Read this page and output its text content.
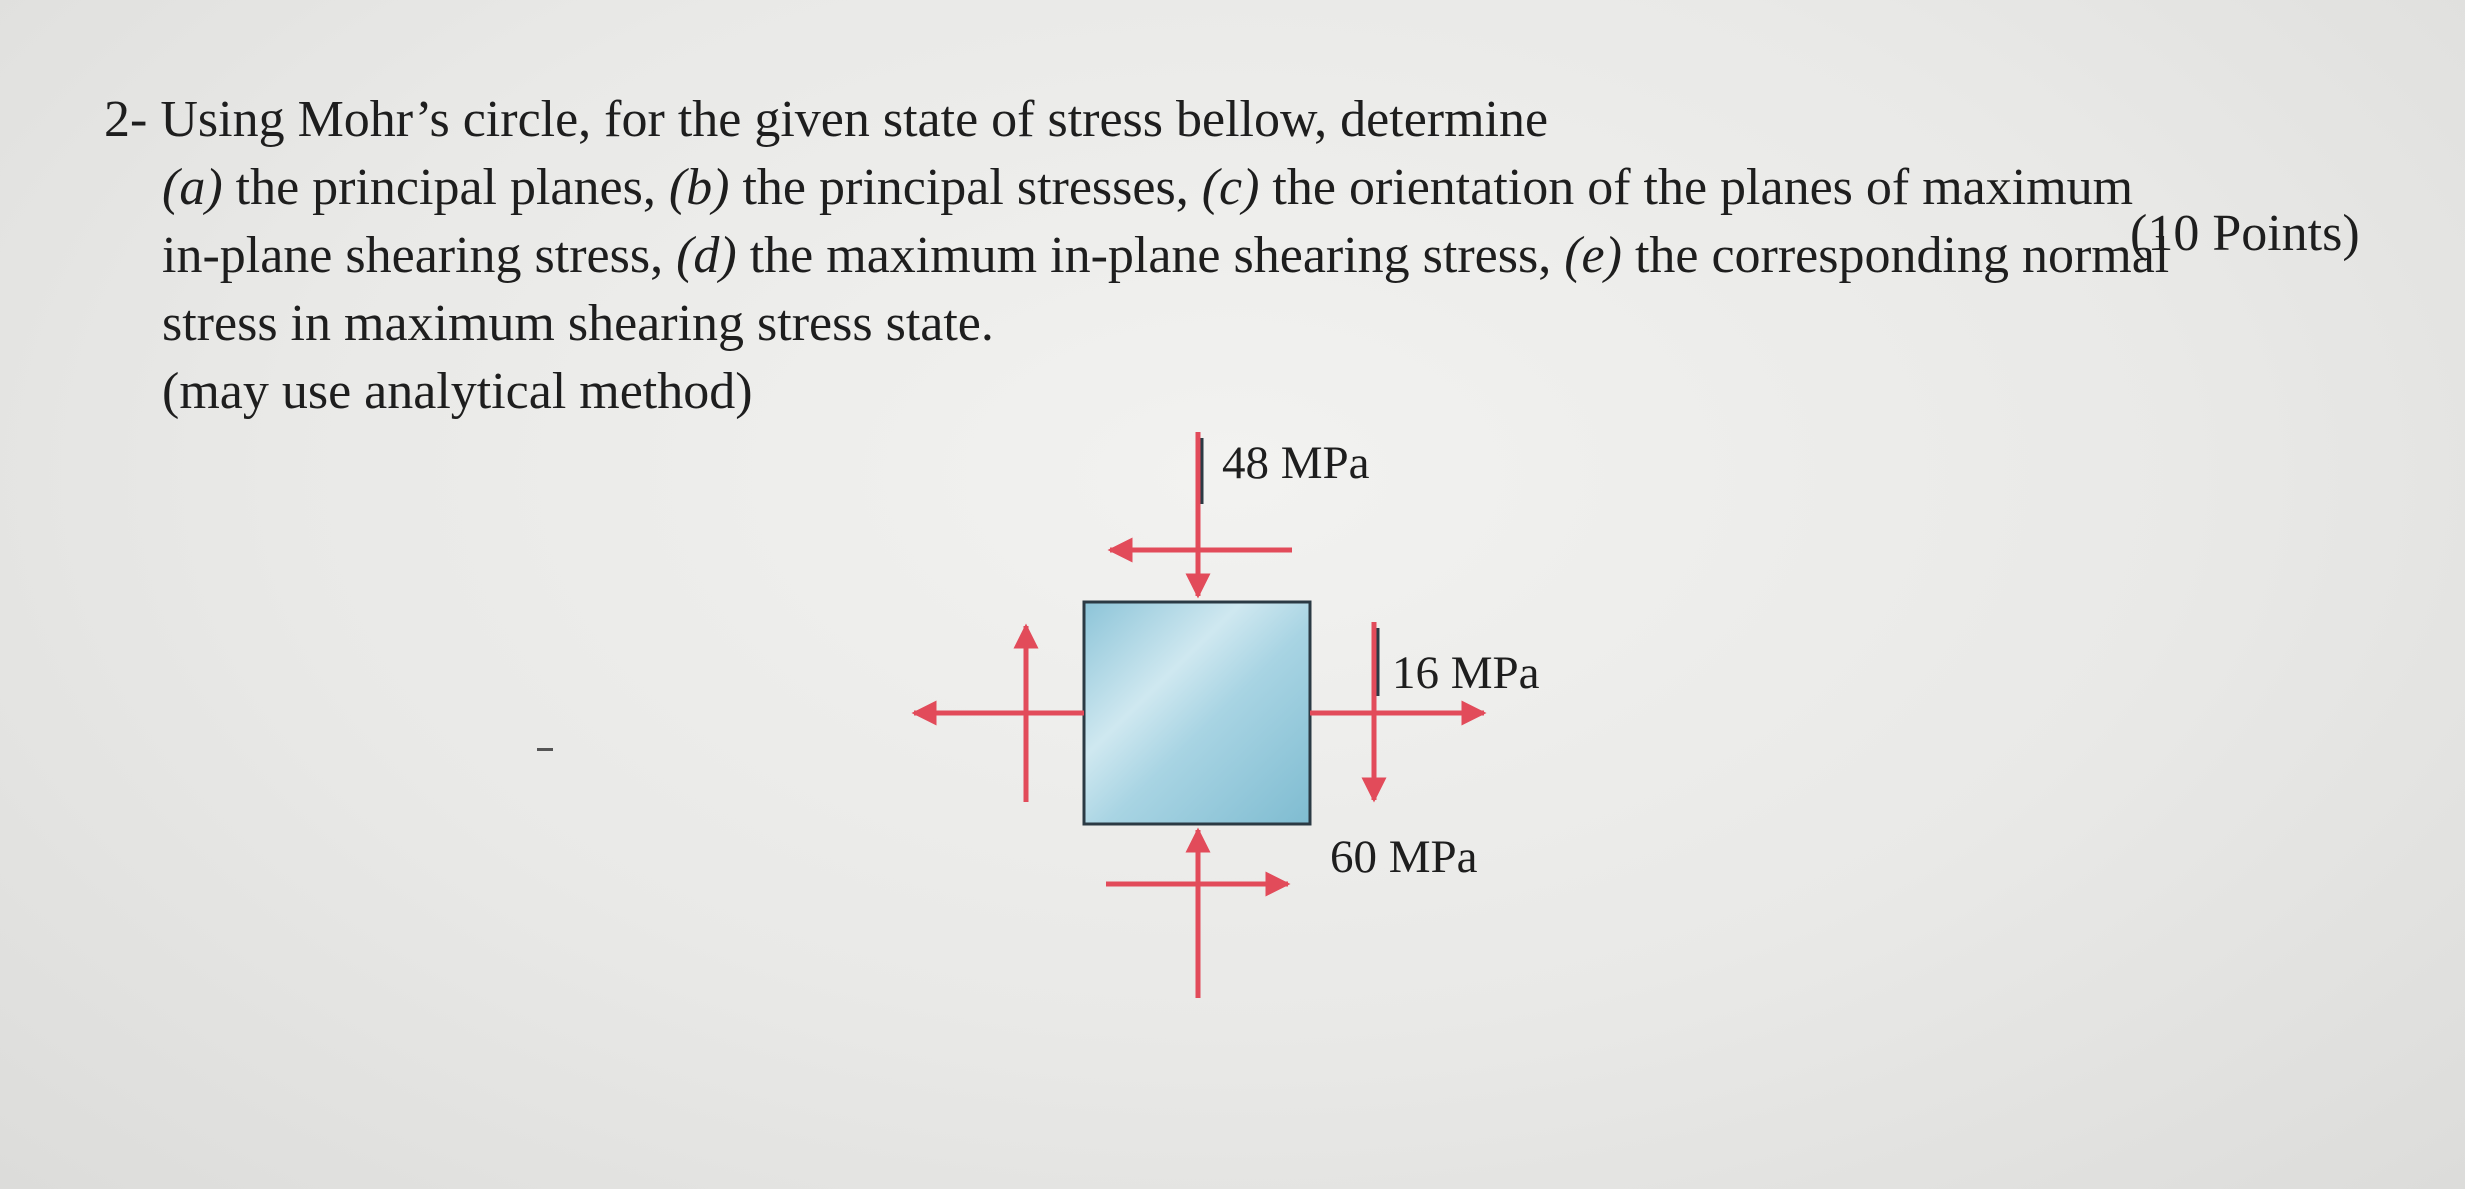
2- Using Mohr’s circle, for the given state of stress bellow, determine
(a) the principal planes, (b) the principal stresses, (c) the orientation of the planes of maximum
in-plane shearing stress, (d) the maximum in-plane shearing stress, (e) the corresponding normal
stress in maximum shearing stress state.
(may use analytical method)
(10 Points)
48 MPa
16 MPa
60 MPa
